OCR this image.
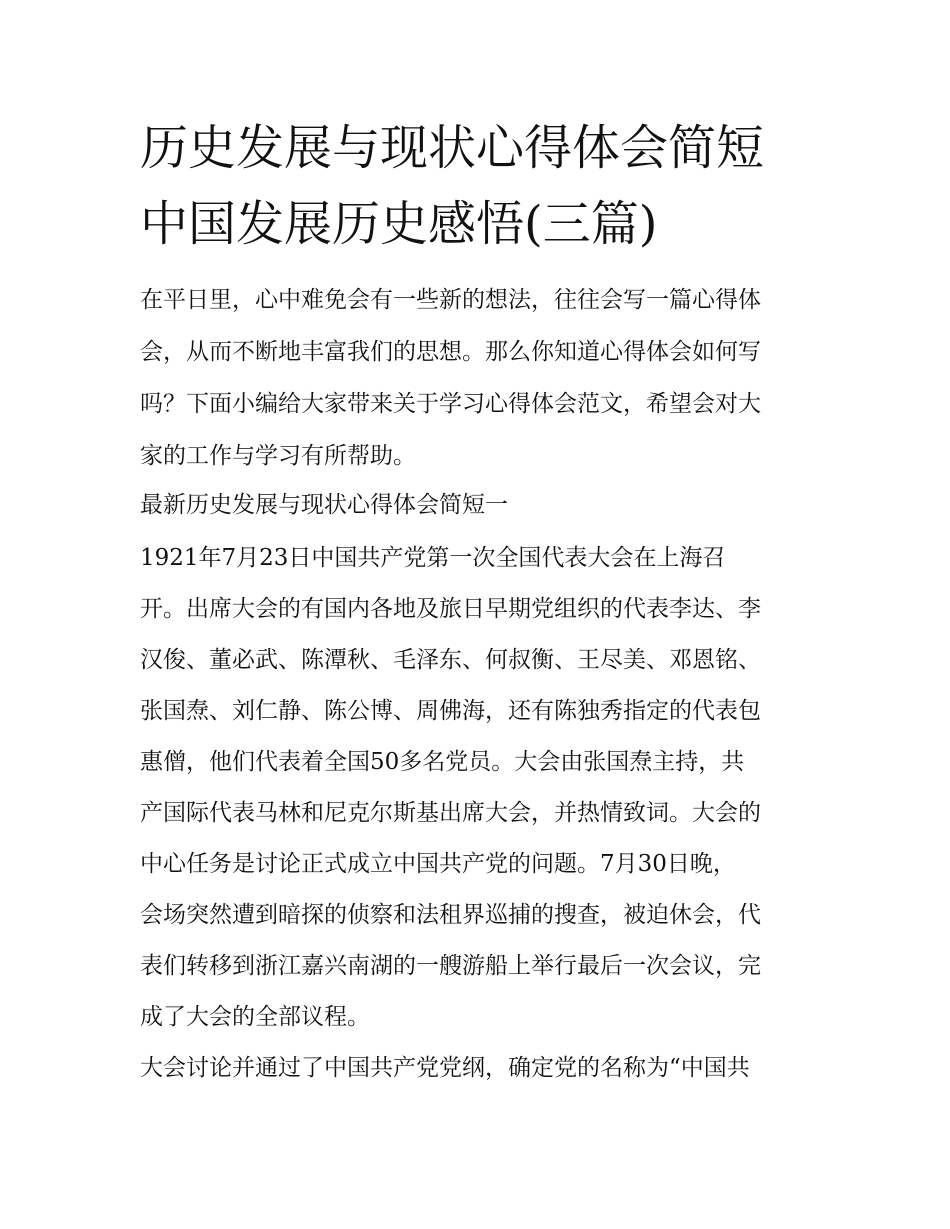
历史发展与现状心得体会简短
中国发展历史感悟(三篇)
在平日里，心中难免会有一些新的想法，往往会写一篇心得体
会，从而不断地丰富我们的思想。那么你知道心得体会如何写
吗？下面小编给大家带来关于学习心得体会范文，希望会对大
家的工作与学习有所帮助。
最新历史发展与现状心得体会简短一
1921年7月23日中国共产党第一次全国代表大会在上海召
开。出席大会的有国内各地及旅日早期党组织的代表李达、李
汉俊、董必武、陈潭秋、毛泽东、何叔衡、王尽美、邓恩铭、
张国焘、刘仁静、陈公博、周佛海，还有陈独秀指定的代表包
惠僧，他们代表着全国50多名党员。大会由张国焘主持，共
产国际代表马林和尼克尔斯基出席大会，并热情致词。大会的
中心任务是讨论正式成立中国共产党的问题。7月30日晚，
会场突然遭到暗探的侦察和法租界巡捕的搜查，被迫休会，代
表们转移到浙江嘉兴南湖的一艘游船上举行最后一次会议，完
成了大会的全部议程。
大会讨论并通过了中国共产党党纲，确定党的名称为“中国共
